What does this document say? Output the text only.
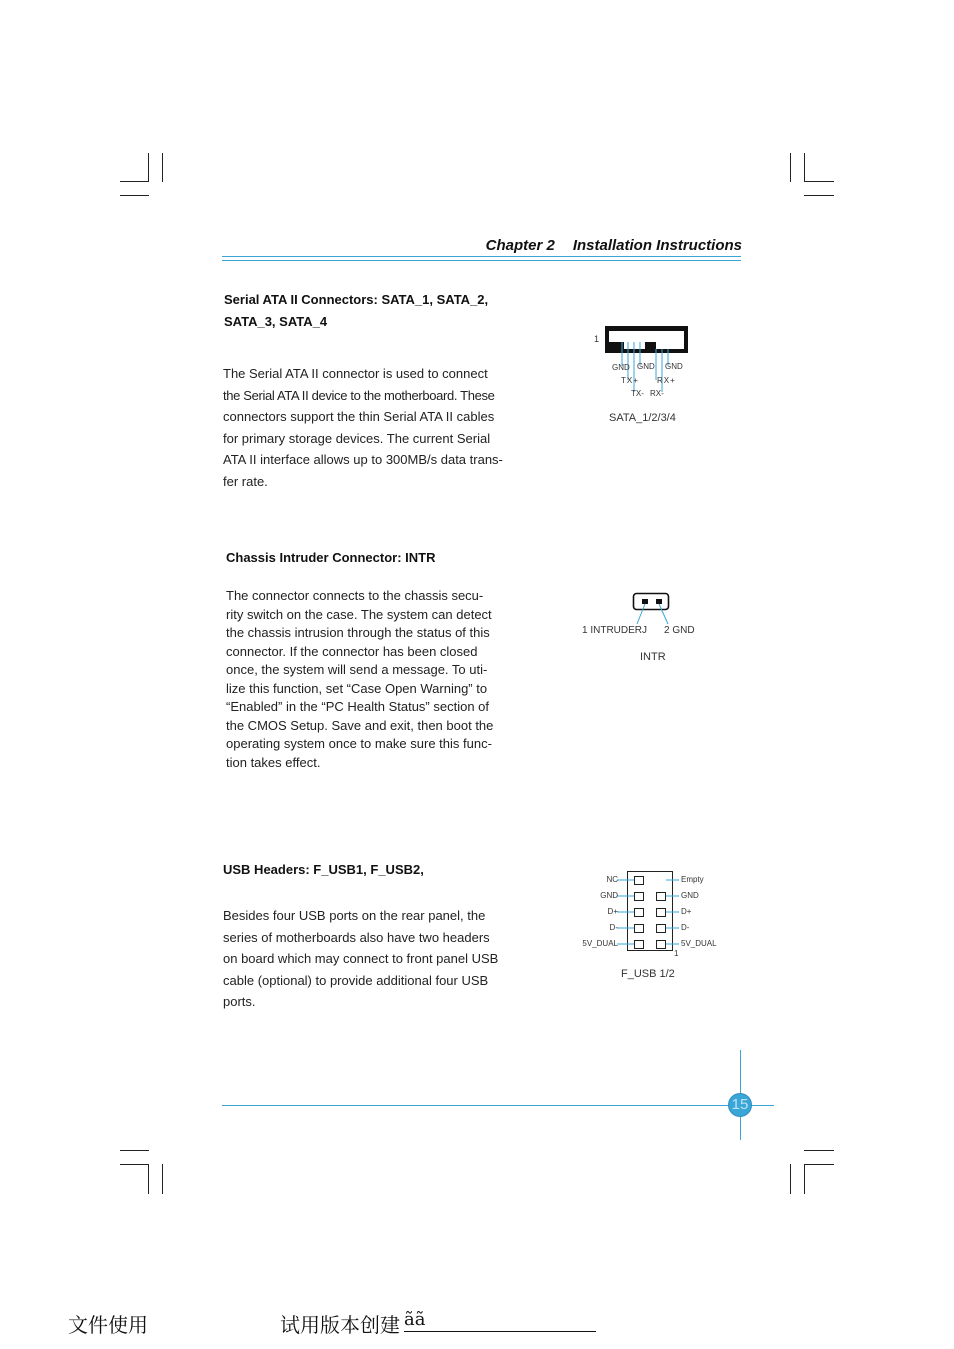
Chapter 2 Installation Instructions
Serial ATA II Connectors: SATA_1, SATA_2,
SATA_3, SATA_4

The Serial ATA II connector is used to connect

the Serial ATA II device to the motherboard. These

connectors support the thin Serial ATA II cables

for primary storage devices. The current Serial

ATA II interface allows up to 300MB/s data trans-

fer rate.

1
GND GND GND
TX+ RX+
TX- RX-
SATA_1/2/3/4
Chassis Intruder Connector: INTR

The connector connects to the chassis secu-

rity switch on the case. The system can detect

the chassis intrusion through the status of this

connector. If the connector has been closed

once, the system will send a message. To uti-

lize this function, set “Case Open Warning” to

“Enabled” in the “PC Health Status” section of

the CMOS Setup. Save and exit, then boot the

operating system once to make sure this func-

tion takes effect.

1 INTRUDERJ 2 GND
INTR
USB Headers: F_USB1, F_USB2,

Besides four USB ports on the rear panel, the

series of motherboards also have two headers

on board which may connect to front panel USB

cable (optional) to provide additional four USB

ports.

NC
GND
D+
D-
5V_DUAL
Empty
GND
D+
D-
5V_DUAL
1
F_USB 1/2
15
文件使用	试用版本创建 ãã
